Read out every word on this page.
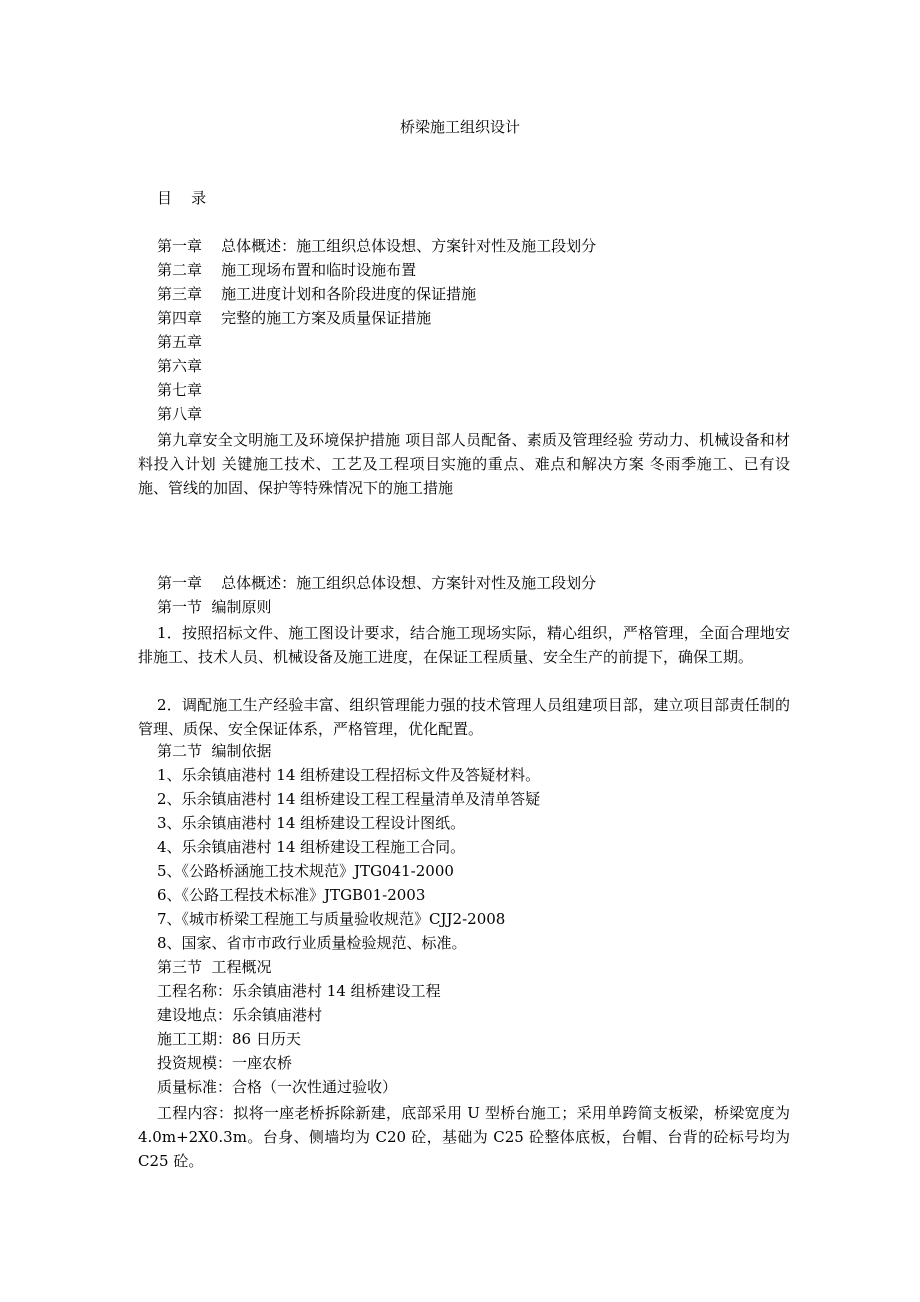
桥梁施工组织设计
目    录
第一章    总体概述：施工组织总体设想、方案针对性及施工段划分
第二章    施工现场布置和临时设施布置
第三章    施工进度计划和各阶段进度的保证措施
第四章    完整的施工方案及质量保证措施
第五章
第六章
第七章
第八章
第九章安全文明施工及环境保护措施 项目部人员配备、素质及管理经验 劳动力、机械设备和材料投入计划 关键施工技术、工艺及工程项目实施的重点、难点和解决方案 冬雨季施工、已有设施、管线的加固、保护等特殊情况下的施工措施
第一章    总体概述：施工组织总体设想、方案针对性及施工段划分
第一节  编制原则
1．按照招标文件、施工图设计要求，结合施工现场实际，精心组织，严格管理，全面合理地安排施工、技术人员、机械设备及施工进度，在保证工程质量、安全生产的前提下，确保工期。
2．调配施工生产经验丰富、组织管理能力强的技术管理人员组建项目部，建立项目部责任制的管理、质保、安全保证体系，严格管理，优化配置。
第二节  编制依据
1、乐余镇庙港村 14 组桥建设工程招标文件及答疑材料。
2、乐余镇庙港村 14 组桥建设工程工程量清单及清单答疑
3、乐余镇庙港村 14 组桥建设工程设计图纸。
4、乐余镇庙港村 14 组桥建设工程施工合同。
5、《公路桥涵施工技术规范》JTG041-2000
6、《公路工程技术标准》JTGB01-2003
7、《城市桥梁工程施工与质量验收规范》CJJ2-2008
8、国家、省市市政行业质量检验规范、标准。
第三节  工程概况
工程名称：乐余镇庙港村 14 组桥建设工程
建设地点：乐余镇庙港村
施工工期：86 日历天
投资规模：一座农桥
质量标准：合格（一次性通过验收）
工程内容：拟将一座老桥拆除新建，底部采用 U 型桥台施工；采用单跨简支板梁，桥梁宽度为 4.0m+2X0.3m。台身、侧墙均为 C20 砼，基础为 C25 砼整体底板，台帽、台背的砼标号均为 C25 砼。
